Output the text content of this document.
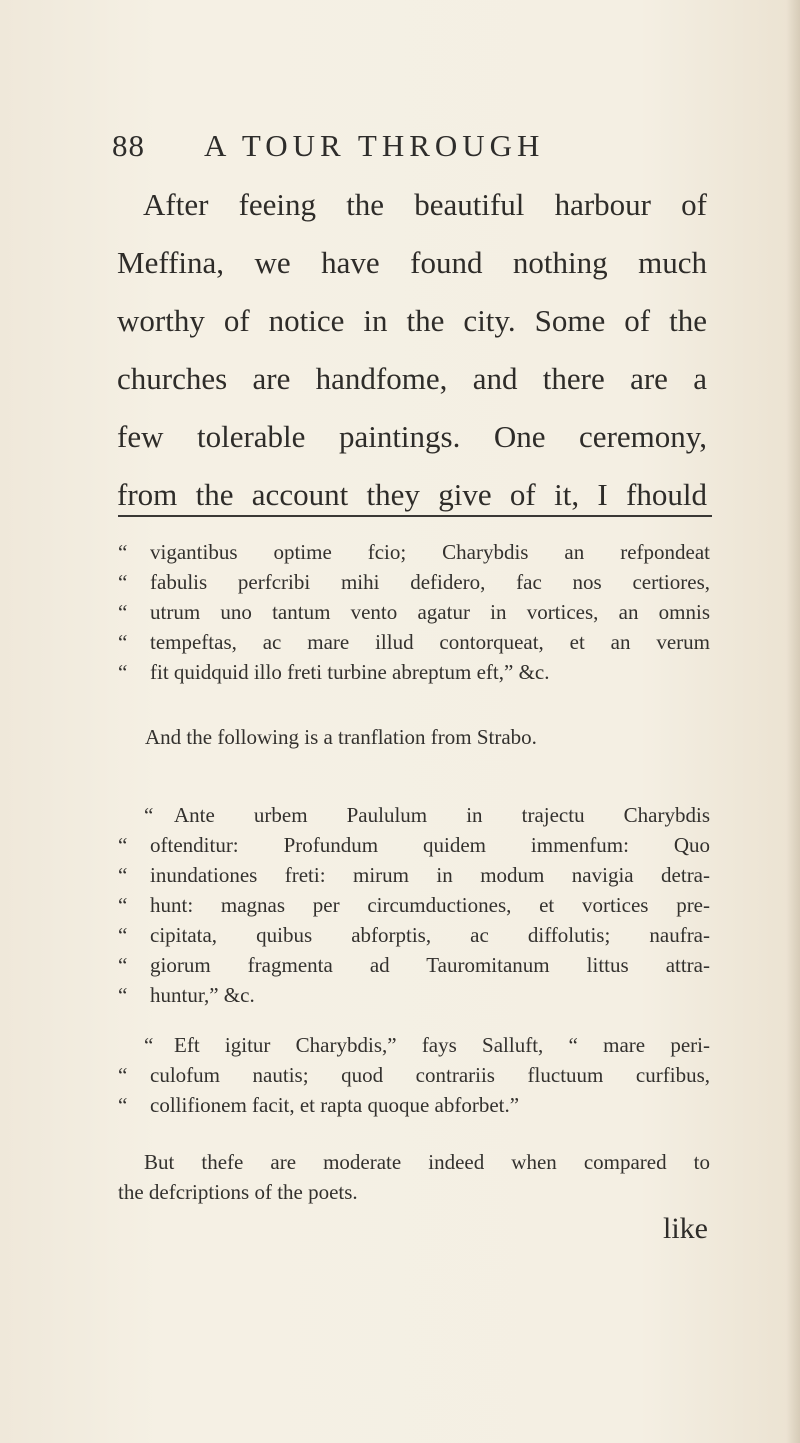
88 A TOUR THROUGH
After feeing the beautiful harbour of
Meffina, we have found nothing much
worthy of notice in the city. Some of the
churches are handfome, and there are a
few tolerable paintings. One ceremony,
from the account they give of it, I fhould
“	vigantibus optime fcio; Charybdis an refpondeat
“	fabulis perfcribi mihi defidero, fac nos certiores,
“	utrum uno tantum vento agatur in vortices, an omnis
“	tempeftas, ac mare illud contorqueat, et an verum
“	fit quidquid illo freti turbine abreptum eft,” &c.
And the following is a tranflation from Strabo.
“ Ante urbem Paululum in trajectu Charybdis
“	oftenditur: Profundum quidem immenfum: Quo
“	inundationes freti: mirum in modum navigia detra-
“	hunt: magnas per circumductiones, et vortices pre-
“	cipitata, quibus abforptis, ac diffolutis; naufra-
“	giorum fragmenta ad Tauromitanum littus attra-
“	huntur,” &c.
“ Eft igitur Charybdis,” fays Salluft, “ mare peri-
“	culofum nautis; quod contrariis fluctuum curfibus,
“	collifionem facit, et rapta quoque abforbet.”
But thefe are moderate indeed when compared to
the defcriptions of the poets.
like
